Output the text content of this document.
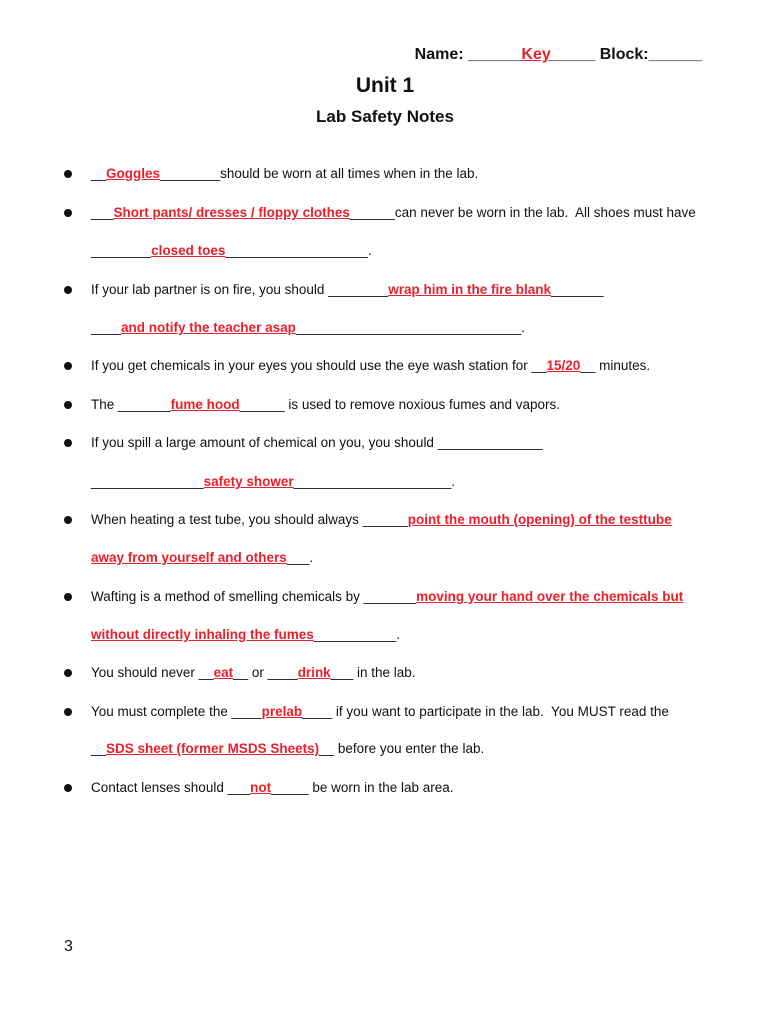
Name: ______Key_____ Block:______
Unit 1
Lab Safety Notes
__Goggles________should be worn at all times when in the lab.
___Short pants/ dresses / floppy clothes______can never be worn in the lab.  All shoes must have
________closed toes___________________.
If your lab partner is on fire, you should ________wrap him in the fire blank_______
____and notify the teacher asap______________________________.
If you get chemicals in your eyes you should use the eye wash station for __15/20__ minutes.
The _______fume hood______ is used to remove noxious fumes and vapors.
If you spill a large amount of chemical on you, you should ______________
_______________safety shower_____________________.
When heating a test tube, you should always ______point the mouth (opening) of the testtube
away from yourself and others___.
Wafting is a method of smelling chemicals by _______moving your hand over the chemicals but
without directly inhaling the fumes___________.
You should never __eat__ or ____drink___ in the lab.
You must complete the ____prelab____ if you want to participate in the lab.  You MUST read the
__SDS sheet (former MSDS Sheets)__ before you enter the lab.
Contact lenses should ___not_____ be worn in the lab area.
3
